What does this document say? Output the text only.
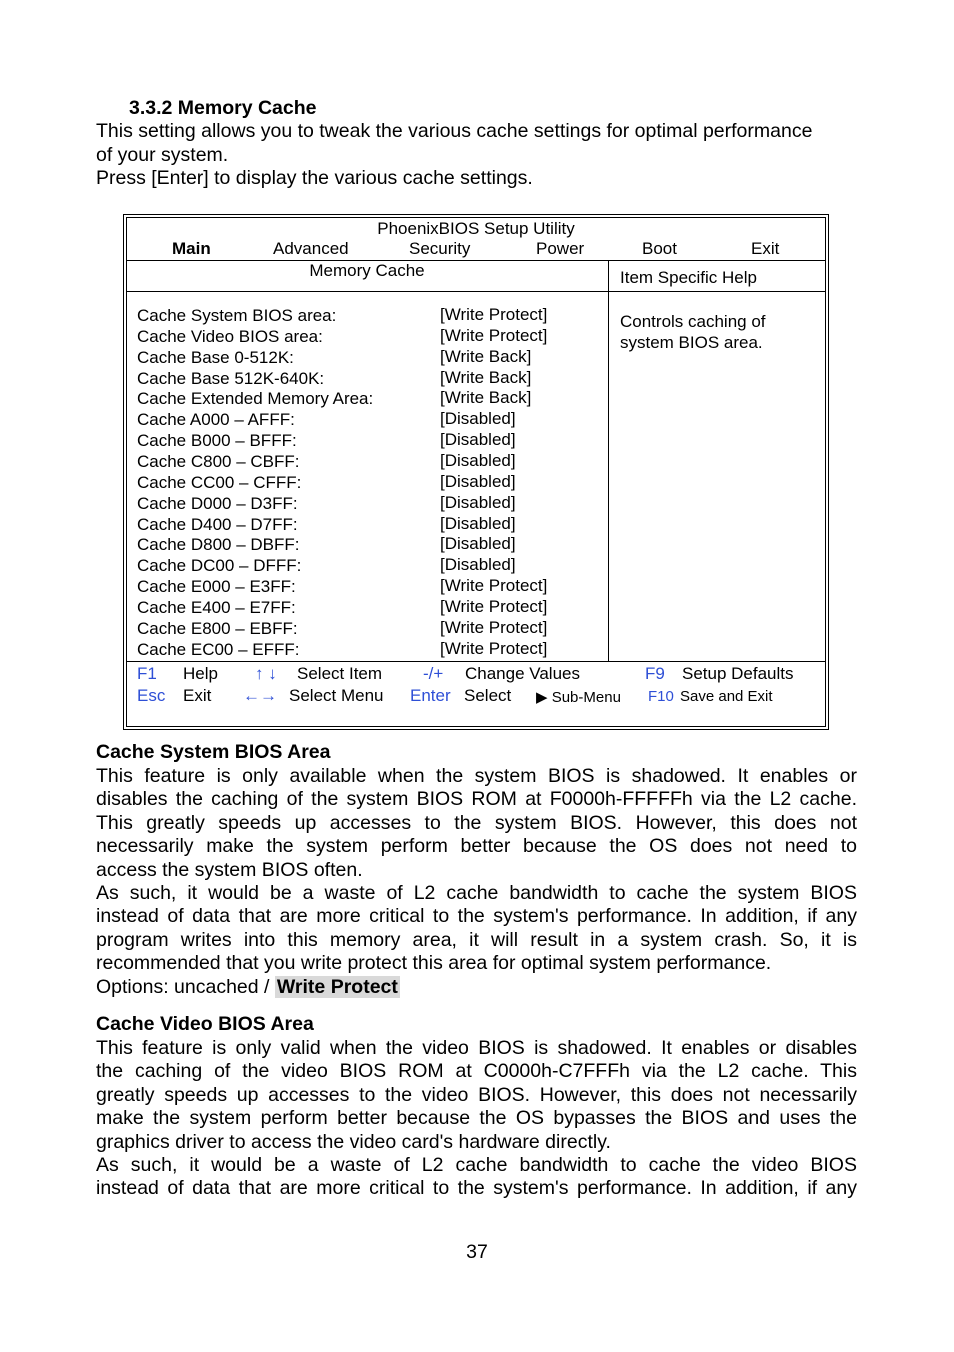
3.3.2 Memory Cache
This setting allows you to tweak the various cache settings for optimal performance
of your system.
Press [Enter] to display the various cache settings.
PhoenixBIOS Setup Utility
Main	Advanced	Security	Power	Boot	Exit
Memory Cache	Item Specific Help
Controls caching of
system BIOS area.
Cache System BIOS area:	[Write Protect]
Cache Video BIOS area:	[Write Protect]
Cache Base 0-512K:	[Write Back]
Cache Base 512K-640K:	[Write Back]
Cache Extended Memory Area:	[Write Back]
Cache A000 – AFFF:	[Disabled]
Cache B000 – BFFF:	[Disabled]
Cache C800 – CBFF:	[Disabled]
Cache CC00 – CFFF:	[Disabled]
Cache D000 – D3FF:	[Disabled]
Cache D400 – D7FF:	[Disabled]
Cache D800 – DBFF:	[Disabled]
Cache DC00 – DFFF:	[Disabled]
Cache E000 – E3FF:	[Write Protect]
Cache E400 – E7FF:	[Write Protect]
Cache E800 – EBFF:	[Write Protect]
Cache EC00 – EFFF:	[Write Protect]
F1 Help ↑ ↓ Select Item -/+ Change Values	F9 Setup Defaults
Esc Exit ←→ Select Menu Enter Select ▶ Sub-Menu F10 Save and Exit
Cache System BIOS Area
This feature is only available when the system BIOS is shadowed. It enables or
disables the caching of the system BIOS ROM at F0000h-FFFFFh via the L2 cache.
This greatly speeds up accesses to the system BIOS. However, this does not
necessarily make the system perform better because the OS does not need to
access the system BIOS often.
As such, it would be a waste of L2 cache bandwidth to cache the system BIOS
instead of data that are more critical to the system's performance. In addition, if any
program writes into this memory area, it will result in a system crash. So, it is
recommended that you write protect this area for optimal system performance.
Options: uncached / Write Protect
Cache Video BIOS Area
This feature is only valid when the video BIOS is shadowed. It enables or disables
the caching of the video BIOS ROM at C0000h-C7FFFh via the L2 cache. This
greatly speeds up accesses to the video BIOS. However, this does not necessarily
make the system perform better because the OS bypasses the BIOS and uses the
graphics driver to access the video card's hardware directly.
As such, it would be a waste of L2 cache bandwidth to cache the video BIOS
instead of data that are more critical to the system's performance. In addition, if any
37
